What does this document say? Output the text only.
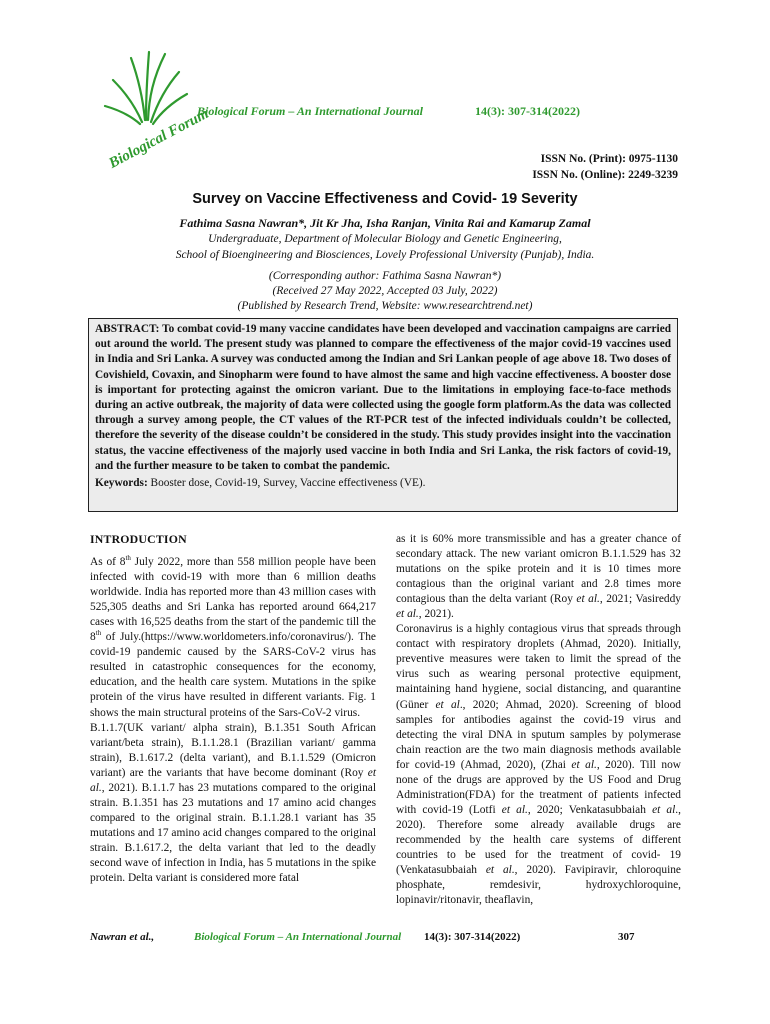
Biological Forum
Biological Forum – An International Journal	14(3): 307-314(2022)
ISSN No. (Print): 0975-1130
ISSN No. (Online): 2249-3239
Survey on Vaccine Effectiveness and Covid- 19 Severity
Fathima Sasna Nawran*, Jit Kr Jha, Isha Ranjan, Vinita Rai and Kamarup Zamal
Undergraduate, Department of Molecular Biology and Genetic Engineering,
School of Bioengineering and Biosciences, Lovely Professional University (Punjab), India.
(Corresponding author: Fathima Sasna Nawran*)
(Received 27 May 2022, Accepted 03 July, 2022)
(Published by Research Trend, Website: www.researchtrend.net)

ABSTRACT: To combat covid-19 many vaccine candidates have been developed and vaccination campaigns are carried out around the world. The present study was planned to compare the effectiveness of the major covid-19 vaccines used in India and Sri Lanka. A survey was conducted among the Indian and Sri Lankan people of age above 18. Two doses of Covishield, Covaxin, and Sinopharm were found to have almost the same and high vaccine effectiveness. A booster dose is important for protecting against the omicron variant. Due to the limitations in employing face-to-face methods during an active outbreak, the majority of data were collected using the google form platform.As the data was collected through a survey among people, the CT values of the RT-PCR test of the infected individuals couldn’t be collected, therefore the severity of the disease couldn’t be considered in the study. This study provides insight into the vaccination status, the vaccine effectiveness of the majorly used vaccine in both India and Sri Lanka, the risk factors of covid-19, and the further measure to be taken to combat the pandemic.

Keywords: Booster dose, Covid-19, Survey, Vaccine effectiveness (VE).
INTRODUCTION

As of 8th July 2022, more than 558 million people have been infected with covid-19 with more than 6 million deaths worldwide. India has reported more than 43 million cases with 525,305 deaths and Sri Lanka has reported around 664,217 cases with 16,525 deaths from the start of the pandemic till the 8th of July.(https://www.worldometers.info/coronavirus/). The covid-19 pandemic caused by the SARS-CoV-2 virus has resulted in catastrophic consequences for the economy, education, and the health care system. Mutations in the spike protein of the virus have resulted in different variants. Fig. 1 shows the main structural proteins of the Sars-CoV-2 virus.

B.1.1.7(UK variant/ alpha strain), B.1.351 South African variant/beta strain), B.1.1.28.1 (Brazilian variant/ gamma strain), B.1.617.2 (delta variant), and B.1.1.529 (Omicron variant) are the variants that have become dominant (Roy et al., 2021). B.1.1.7 has 23 mutations compared to the original strain. B.1.351 has 23 mutations and 17 amino acid changes compared to the original strain. B.1.1.28.1 variant has 35 mutations and 17 amino acid changes compared to the original strain. B.1.617.2, the delta variant that led to the deadly second wave of infection in India, has 5 mutations in the spike protein. Delta variant is considered more fatal

as it is 60% more transmissible and has a greater chance of secondary attack. The new variant omicron B.1.1.529 has 32 mutations on the spike protein and it is 10 times more contagious than the original variant and 2.8 times more contagious than the delta variant (Roy et al., 2021; Vasireddy et al., 2021).

Coronavirus is a highly contagious virus that spreads through contact with respiratory droplets (Ahmad, 2020). Initially, preventive measures were taken to limit the spread of the virus such as wearing personal protective equipment, maintaining hand hygiene, social distancing, and quarantine (Güner et al., 2020; Ahmad, 2020). Screening of blood samples for antibodies against the covid-19 virus and detecting the viral DNA in sputum samples by polymerase chain reaction are the two main diagnosis methods available for covid-19 (Ahmad, 2020), (Zhai et al., 2020). Till now none of the drugs are approved by the US Food and Drug Administration(FDA) for the treatment of patients infected with covid-19 (Lotfi et al., 2020; Venkatasubbaiah et al., 2020). Therefore some already available drugs are recommended by the health care systems of different countries to be used for the treatment of covid- 19 (Venkatasubbaiah et al., 2020). Favipiravir, chloroquine phosphate, remdesivir, hydroxychloroquine, lopinavir/ritonavir, theaflavin,

Nawran et al.,	Biological Forum – An International Journal 14(3): 307-314(2022)	307
